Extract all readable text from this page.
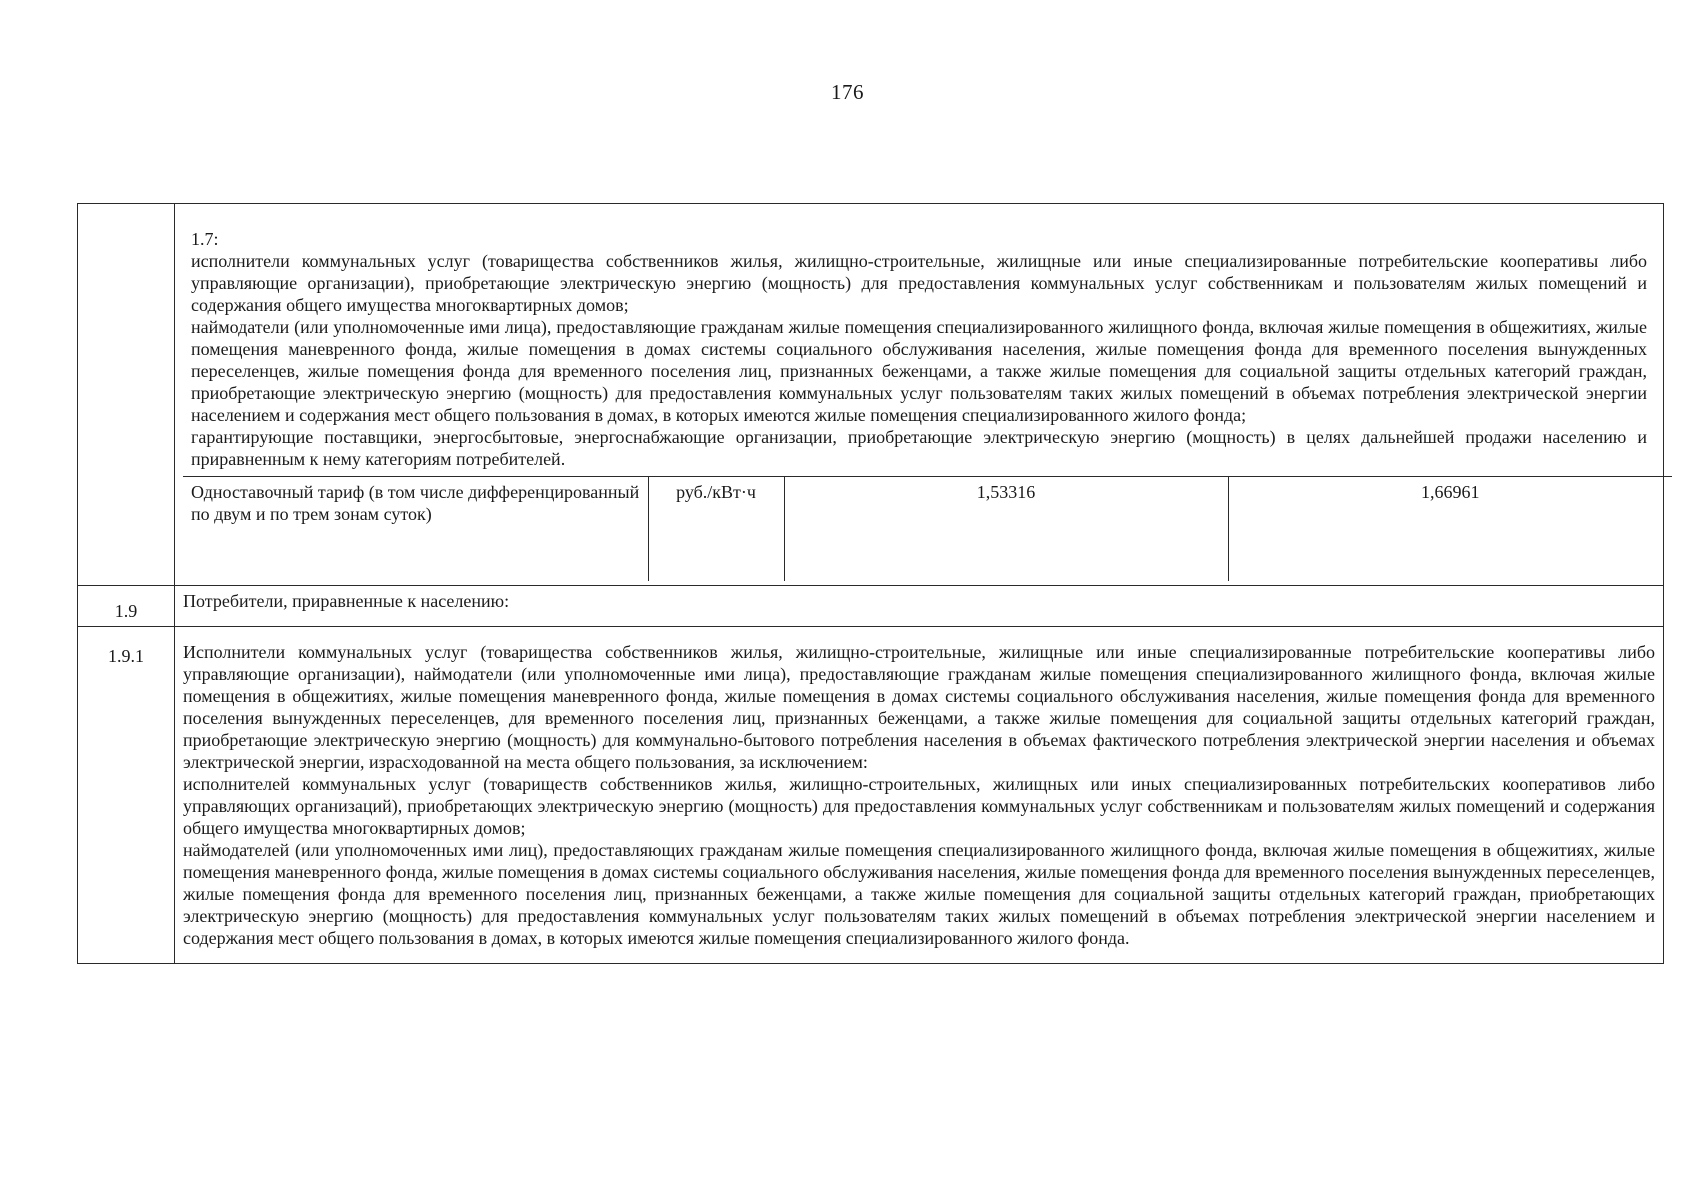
176

1.7:
исполнители коммунальных услуг (товарищества собственников жилья, жилищно-строительные, жилищные или иные специализированные потребительские кооперативы либо управляющие организации), приобретающие электрическую энергию (мощность) для предоставления коммунальных услуг собственникам и пользователям жилых помещений и содержания общего имущества многоквартирных домов;
наймодатели (или уполномоченные ими лица), предоставляющие гражданам жилые помещения специализированного жилищного фонда, включая жилые помещения в общежитиях, жилые помещения маневренного фонда, жилые помещения в домах системы социального обслуживания населения, жилые помещения фонда для временного поселения вынужденных переселенцев, жилые помещения фонда для временного поселения лиц, признанных беженцами, а также жилые помещения для социальной защиты отдельных категорий граждан, приобретающие электрическую энергию (мощность) для предоставления коммунальных услуг пользователям таких жилых помещений в объемах потребления электрической энергии населением и содержания мест общего пользования в домах, в которых имеются жилые помещения специализированного жилого фонда;
гарантирующие поставщики, энергосбытовые, энергоснабжающие организации, приобретающие электрическую энергию (мощность) в целях дальнейшей продажи населению и приравненным к нему категориям потребителей.
Одноставочный тариф (в том числе дифференцированный по двум и по трем зонам суток)	руб./кВт·ч	1,53316	1,66961

1.9	Потребители, приравненные к населению:
1.9.1	Исполнители коммунальных услуг (товарищества собственников жилья, жилищно-строительные, жилищные или иные специализированные потребительские кооперативы либо управляющие организации), наймодатели (или уполномоченные ими лица), предоставляющие гражданам жилые помещения специализированного жилищного фонда, включая жилые помещения в общежитиях, жилые помещения маневренного фонда, жилые помещения в домах системы социального обслуживания населения, жилые помещения фонда для временного поселения вынужденных переселенцев, для временного поселения лиц, признанных беженцами, а также жилые помещения для социальной защиты отдельных категорий граждан, приобретающие электрическую энергию (мощность) для коммунально-бытового потребления населения в объемах фактического потребления электрической энергии населения и объемах электрической энергии, израсходованной на места общего пользования, за исключением:
исполнителей коммунальных услуг (товариществ собственников жилья, жилищно-строительных, жилищных или иных специализированных потребительских кооперативов либо управляющих организаций), приобретающих электрическую энергию (мощность) для предоставления коммунальных услуг собственникам и пользователям жилых помещений и содержания общего имущества многоквартирных домов;
наймодателей (или уполномоченных ими лиц), предоставляющих гражданам жилые помещения специализированного жилищного фонда, включая жилые помещения в общежитиях, жилые помещения маневренного фонда, жилые помещения в домах системы социального обслуживания населения, жилые помещения фонда для временного поселения вынужденных переселенцев, жилые помещения фонда для временного поселения лиц, признанных беженцами, а также жилые помещения для социальной защиты отдельных категорий граждан, приобретающих электрическую энергию (мощность) для предоставления коммунальных услуг пользователям таких жилых помещений в объемах потребления электрической энергии населением и содержания мест общего пользования в домах, в которых имеются жилые помещения специализированного жилого фонда.
